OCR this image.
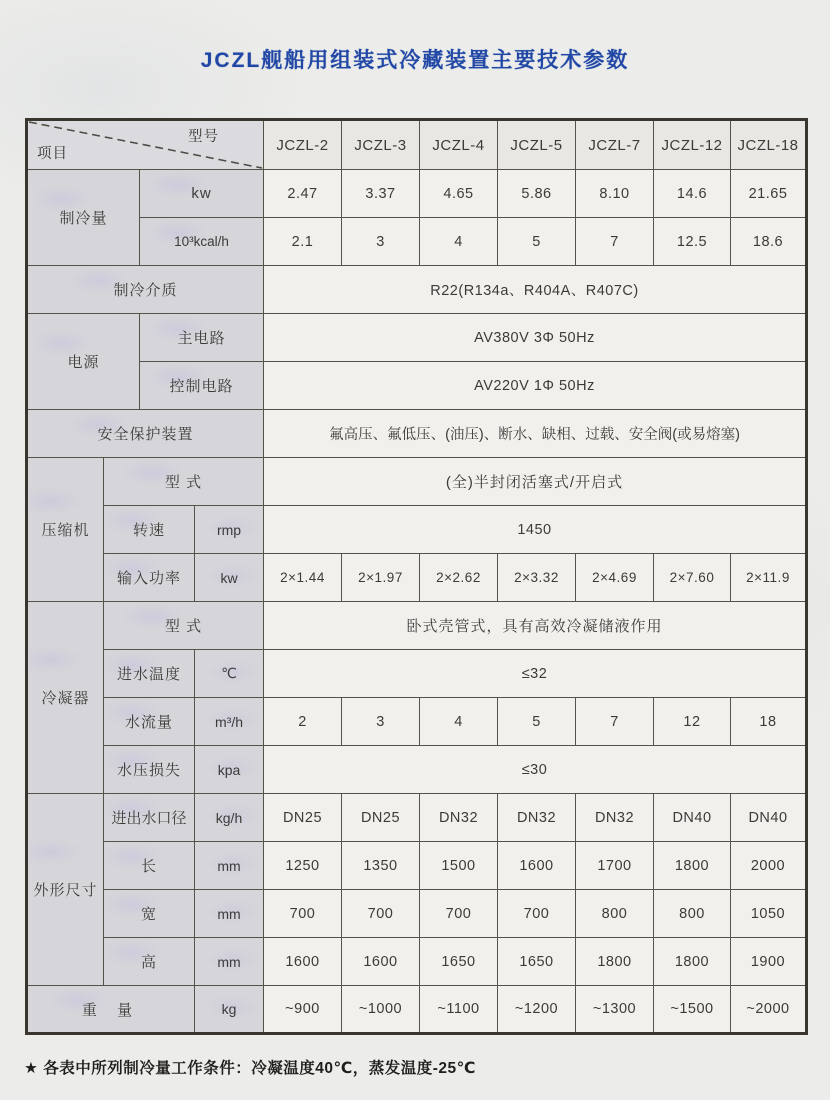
JCZL舰船用组装式冷藏装置主要技术参数
项目
型号				JCZL-2	JCZL-3	JCZL-4	JCZL-5	JCZL-7	JCZL-12	JCZL-18
制冷量		kw		2.47	3.37	4.65	5.86	8.10	14.6	21.65
		10³kcal/h		2.1	3	4	5	7	12.5	18.6
制冷介质				R22(R134a、R404A、R407C)						
电源		主电路		AV380V 3Φ 50Hz						
		控制电路		AV220V 1Φ 50Hz						
安全保护装置				氟高压、氟低压、(油压)、断水、缺相、过载、安全阀(或易熔塞)						
压缩机	型 式			(全)半封闭活塞式/开启式						
	转速		rmp	1450						
	输入功率		kw	2×1.44	2×1.97	2×2.62	2×3.32	2×4.69	2×7.60	2×11.9
冷凝器	型 式			卧式壳管式，具有高效冷凝储液作用						
	进水温度		℃	≤32						
	水流量		m³/h	2	3	4	5	7	12	18
	水压损失		kpa	≤30						
外形尺寸	进出水口径		kg/h	DN25	DN25	DN32	DN32	DN32	DN40	DN40
	长		mm	1250	1350	1500	1600	1700	1800	2000
	宽		mm	700	700	700	700	800	800	1050
	高		mm	1600	1600	1650	1650	1800	1800	1900
重 量			kg	~900	~1000	~1100	~1200	~1300	~1500	~2000

★ 各表中所列制冷量工作条件：冷凝温度40℃，蒸发温度-25℃
